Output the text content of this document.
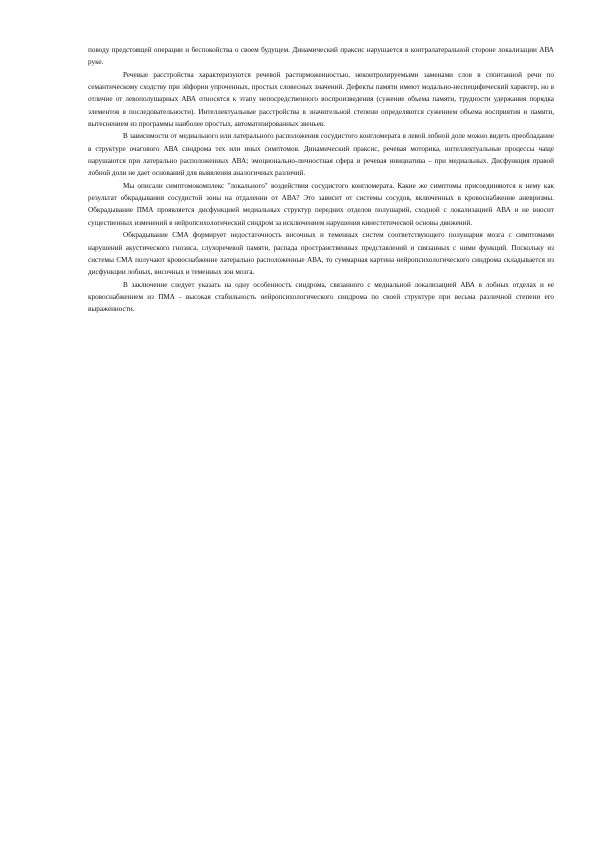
поводу предстоящей операции и беспокойства о своем будущем. Динамический праксис нарушается в контралатеральной стороне локализации АВА руке.

Речевые расстройства характеризуются речевой расторможенностью, неконтролируемыми заменами слов в спонтанной речи по семантическому сходству при эйфории упроченных, простых словесных значений. Дефекты памяти имеют модально-неспецифический характер, но в отличие от левополушарных АВА относятся к этапу непосредственного воспроизведения (сужение объема памяти, трудности удержания порядка элементов в последовательности). Интеллектуальные расстройства в значительной степени определяются сужением объема восприятия и памяти, вытеснением из программы наиболее простых, автоматизированных звеньев.

В зависимости от медиального или латерального расположения сосудистого конгломерата в левой лобной доле можно видеть преобладание в структуре очагового АВА синдрома тех или иных симптомов. Динамический праксис, речевая моторика, интеллектуальные процессы чаще нарушаются при латерально расположенных АВА; эмоционально-личностная сфера и речевая инициатива – при медиальных. Дисфункция правой лобной доли не дает оснований для выявления аналогичных различий.

Мы описали симптомокомплекс "локального" воздействия сосудистого конгломерата. Какие же симптомы присоединяются к нему как результат обкрадывания сосудистой зоны на отдалении от АВА? Это зависит от системы сосудов, включенных в кровоснабжение аневризмы. Обкрадывание ПМА проявляется дисфункцией медиальных структур передних отделов полушарий, сходной с локализацией АВА и не вносит существенных изменений в нейропсихологический синдром за исключением нарушения кинестетической основы движений.

Обкрадывание СМА формирует недостаточность височных и теменных систем соответствующего полушария мозга с симптомами нарушений акустического гнозиса, слухоречевой памяти, распада пространственных представлений и связанных с ними функций. Поскольку из системы СМА получают кровоснабжение латерально расположенные АВА, то суммарная картина нейропсихологического синдрома складывается из дисфункции лобных, височных и теменных зон мозга.

В заключение следует указать на одну особенность синдрома, связанного с медиальной локализацией АВА в лобных отделах и ее кровоснабжением из ПМА - высокая стабильность нейропсихологического синдрома по своей структуре при весьма различной степени его выраженности.
